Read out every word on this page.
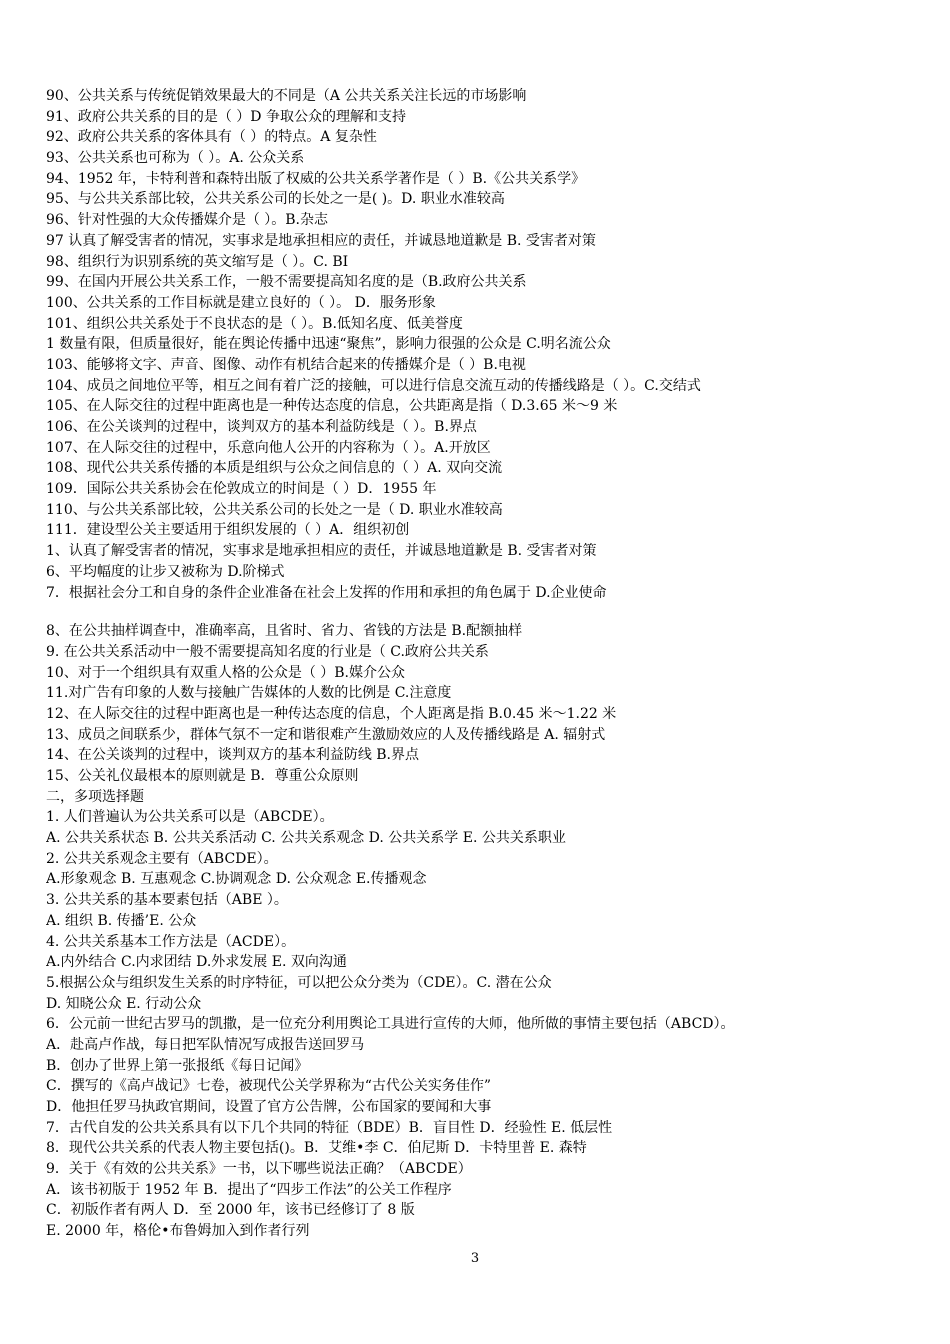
90、公共关系与传统促销效果最大的不同是（A 公共关系关注长远的市场影响
91、政府公共关系的目的是（ ）D 争取公众的理解和支持
92、政府公共关系的客体具有（ ）的特点。A 复杂性
93、公共关系也可称为（ ）。A. 公众关系
94、1952 年，卡特利普和森特出版了权威的公共关系学著作是（ ）B.《公共关系学》
95、与公共关系部比较，公共关系公司的长处之一是( )。D. 职业水准较高
96、针对性强的大众传播媒介是（ ）。B.杂志
97 认真了解受害者的情况，实事求是地承担相应的责任，并诚恳地道歉是 B. 受害者对策
98、组织行为识别系统的英文缩写是（ ）。C. BI
99、在国内开展公共关系工作，一般不需要提高知名度的是（B.政府公共关系
100、公共关系的工作目标就是建立良好的（ ）。 D．服务形象
101、组织公共关系处于不良状态的是（ ）。B.低知名度、低美誉度
1 数量有限，但质量很好，能在舆论传播中迅速“聚焦”，影响力很强的公众是 C.明名流公众
103、能够将文字、声音、图像、动作有机结合起来的传播媒介是（ ）B.电视
104、成员之间地位平等，相互之间有着广泛的接触，可以进行信息交流互动的传播线路是（ ）。C.交结式
105、在人际交往的过程中距离也是一种传达态度的信息，公共距离是指（ D.3.65 米～9 米
106、在公关谈判的过程中，谈判双方的基本利益防线是（ ）。B.界点
107、在人际交往的过程中，乐意向他人公开的内容称为（ ）。A.开放区
108、现代公共关系传播的本质是组织与公众之间信息的（ ）A. 双向交流
109．国际公共关系协会在伦敦成立的时间是（ ）D．1955 年
110、与公共关系部比较，公共关系公司的长处之一是（ D. 职业水准较高
111．建设型公关主要适用于组织发展的（ ）A．组织初创
1、认真了解受害者的情况，实事求是地承担相应的责任，并诚恳地道歉是 B. 受害者对策
6、平均幅度的让步又被称为 D.阶梯式
7．根据社会分工和自身的条件企业准备在社会上发挥的作用和承担的角色属于 D.企业使命
8、在公共抽样调查中，准确率高，且省时、省力、省钱的方法是 B.配额抽样
9. 在公共关系活动中一般不需要提高知名度的行业是（ C.政府公共关系
10、对于一个组织具有双重人格的公众是（ ）B.媒介公众
11.对广告有印象的人数与接触广告媒体的人数的比例是 C.注意度
12、在人际交往的过程中距离也是一种传达态度的信息，个人距离是指 B.0.45 米～1.22 米
13、成员之间联系少，群体气氛不一定和谐很难产生激励效应的人及传播线路是 A. 辐射式
14、在公关谈判的过程中，谈判双方的基本利益防线 B.界点
15、公关礼仪最根本的原则就是 B．尊重公众原则
二，多项选择题
1. 人们普遍认为公共关系可以是（ABCDE）。
A. 公共关系状态 B. 公共关系活动 C. 公共关系观念 D. 公共关系学 E. 公共关系职业
2. 公共关系观念主要有（ABCDE）。
A.形象观念 B. 互惠观念 C.协调观念 D. 公众观念 E.传播观念
3. 公共关系的基本要素包括（ABE ）。
A. 组织 B. 传播’E. 公众
4. 公共关系基本工作方法是（ACDE）。
A.内外结合 C.内求团结 D.外求发展 E. 双向沟通
5.根据公众与组织发生关系的时序特征，可以把公众分类为（CDE）。C. 潜在公众
D. 知晓公众 E. 行动公众
6．公元前一世纪古罗马的凯撒，是一位充分利用舆论工具进行宣传的大师，他所做的事情主要包括（ABCD）。
A．赴高卢作战，每日把军队情况写成报告送回罗马
B．创办了世界上第一张报纸《每日记闻》
C．撰写的《高卢战记》七卷，被现代公关学界称为“古代公关实务佳作”
D．他担任罗马执政官期间，设置了官方公告牌，公布国家的要闻和大事
7．古代自发的公共关系具有以下几个共同的特征（BDE）B．盲目性 D．经验性 E. 低层性
8．现代公共关系的代表人物主要包括()。B．艾维•李 C．伯尼斯 D．卡特里普 E. 森特
9．关于《有效的公共关系》一书，以下哪些说法正确？（ABCDE）
A．该书初版于 1952 年 B．提出了“四步工作法”的公关工作程序
C．初版作者有两人 D．至 2000 年，该书已经修订了 8 版
E. 2000 年，格伦•布鲁姆加入到作者行列
3
